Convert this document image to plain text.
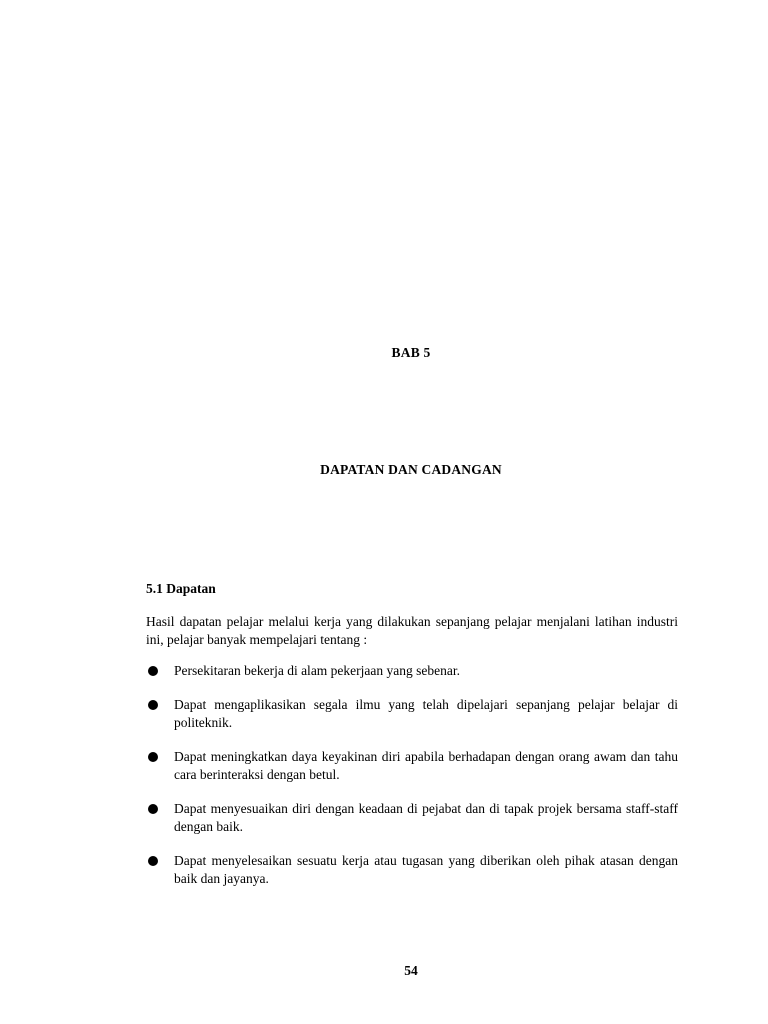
BAB 5
DAPATAN DAN CADANGAN
5.1 Dapatan

Hasil dapatan pelajar melalui kerja yang dilakukan sepanjang pelajar menjalani latihan industri ini, pelajar banyak mempelajari tentang :

Persekitaran bekerja di alam pekerjaan yang sebenar.
Dapat mengaplikasikan segala ilmu yang telah dipelajari sepanjang pelajar belajar di politeknik.
Dapat meningkatkan daya keyakinan diri apabila berhadapan dengan orang awam dan tahu cara berinteraksi dengan betul.
Dapat menyesuaikan diri dengan keadaan di pejabat dan di tapak projek bersama staff-staff dengan baik.
Dapat menyelesaikan sesuatu kerja atau tugasan yang diberikan oleh pihak atasan dengan baik dan jayanya.
54
